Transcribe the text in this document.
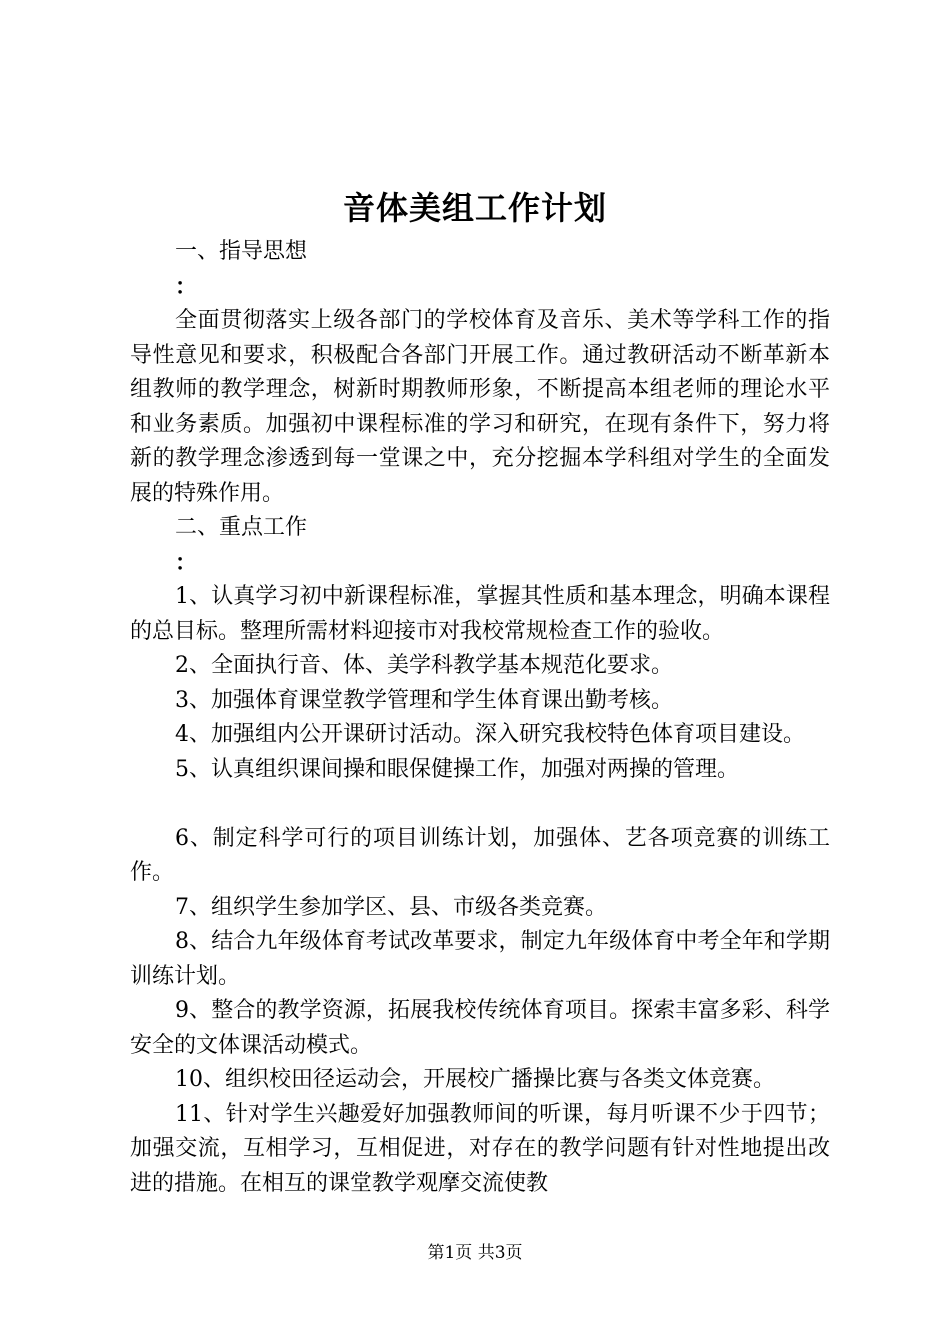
音体美组工作计划

一、指导思想

：

全面贯彻落实上级各部门的学校体育及音乐、美术等学科工作的指导性意见和要求，积极配合各部门开展工作。通过教研活动不断革新本组教师的教学理念，树新时期教师形象，不断提高本组老师的理论水平和业务素质。加强初中课程标准的学习和研究，在现有条件下，努力将新的教学理念渗透到每一堂课之中，充分挖掘本学科组对学生的全面发展的特殊作用。

二、重点工作

：

1、认真学习初中新课程标准，掌握其性质和基本理念，明确本课程的总目标。整理所需材料迎接市对我校常规检查工作的验收。

2、全面执行音、体、美学科教学基本规范化要求。

3、加强体育课堂教学管理和学生体育课出勤考核。

4、加强组内公开课研讨活动。深入研究我校特色体育项目建设。

5、认真组织课间操和眼保健操工作，加强对两操的管理。

6、制定科学可行的项目训练计划，加强体、艺各项竞赛的训练工作。

7、组织学生参加学区、县、市级各类竞赛。

8、结合九年级体育考试改革要求，制定九年级体育中考全年和学期训练计划。

9、整合的教学资源，拓展我校传统体育项目。探索丰富多彩、科学安全的文体课活动模式。

10、组织校田径运动会，开展校广播操比赛与各类文体竞赛。

11、针对学生兴趣爱好加强教师间的听课，每月听课不少于四节；加强交流，互相学习，互相促进，对存在的教学问题有针对性地提出改进的措施。在相互的课堂教学观摩交流使教

第1页 共3页
